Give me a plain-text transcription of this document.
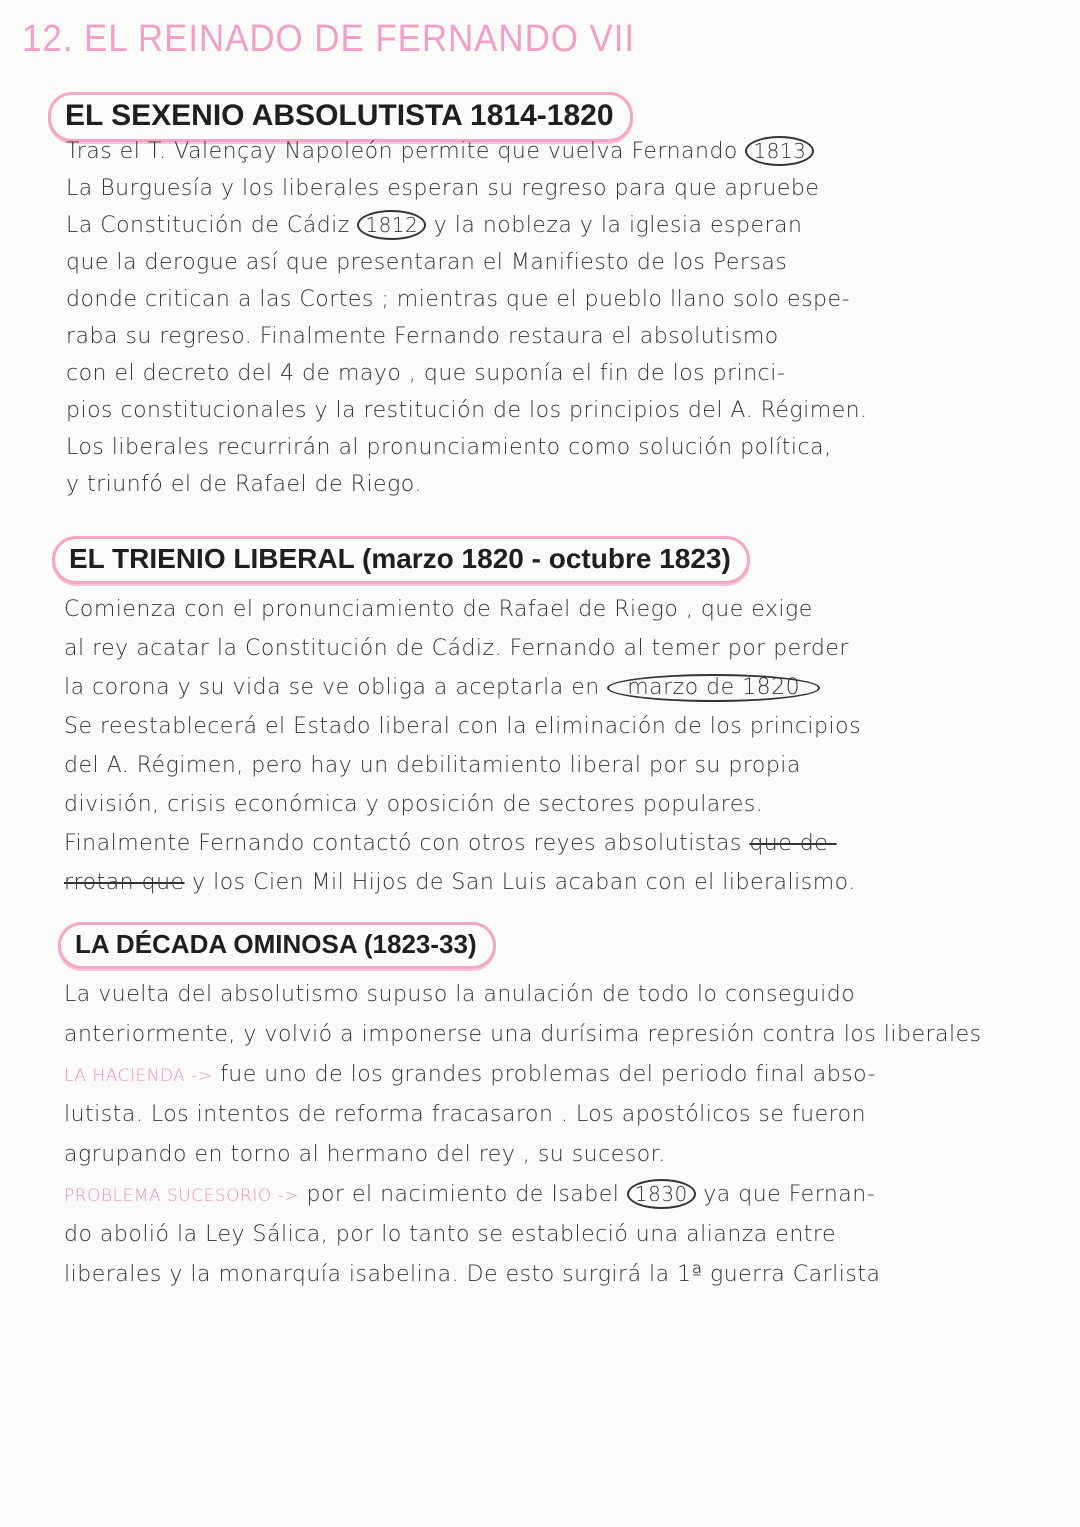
12. EL REINADO DE FERNANDO VII
EL SEXENIO ABSOLUTISTA 1814-1820
Tras el T. Valençay Napoleón permite que vuelva Fernando 1813
La Burguesía y los liberales esperan su regreso para que apruebe
La Constitución de Cádiz 1812 y la nobleza y la iglesia esperan
que la derogue así que presentaran el Manifiesto de los Persas
donde critican a las Cortes ; mientras que el pueblo llano solo espe-
raba su regreso. Finalmente Fernando restaura el absolutismo
con el decreto del 4 de mayo , que suponía el fin de los princi-
pios constitucionales y la restitución de los principios del A. Régimen.
Los liberales recurrirán al pronunciamiento como solución política,
y triunfó el de Rafael de Riego.
EL TRIENIO LIBERAL (marzo 1820 - octubre 1823)
Comienza con el pronunciamiento de Rafael de Riego , que exige
al rey acatar la Constitución de Cádiz. Fernando al temer por perder
la corona y su vida se ve obliga a aceptarla en marzo de 1820
Se reestablecerá el Estado liberal con la eliminación de los principios
del A. Régimen, pero hay un debilitamiento liberal por su propia
división, crisis económica y oposición de sectores populares.
Finalmente Fernando contactó con otros reyes absolutistas que de-
rrotan que y los Cien Mil Hijos de San Luis acaban con el liberalismo.
LA DÉCADA OMINOSA (1823-33)
La vuelta del absolutismo supuso la anulación de todo lo conseguido
anteriormente, y volvió a imponerse una durísima represión contra los liberales
LA HACIENDA -> fue uno de los grandes problemas del periodo final abso-
lutista. Los intentos de reforma fracasaron . Los apostólicos se fueron
agrupando en torno al hermano del rey , su sucesor.
PROBLEMA SUCESORIO -> por el nacimiento de Isabel 1830 ya que Fernan-
do abolió la Ley Sálica, por lo tanto se estableció una alianza entre
liberales y la monarquía isabelina. De esto surgirá la 1ª guerra Carlista
